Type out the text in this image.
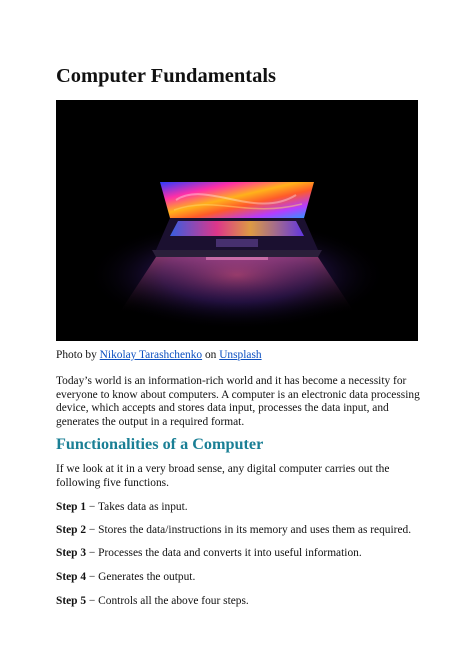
Computer Fundamentals

Photo by Nikolay Tarashchenko on Unsplash

Today’s world is an information-rich world and it has become a necessity for everyone to know about computers. A computer is an electronic data processing device, which accepts and stores data input, processes the data input, and generates the output in a required format.

Functionalities of a Computer

If we look at it in a very broad sense, any digital computer carries out the following five functions.

Step 1 − Takes data as input.

Step 2 − Stores the data/instructions in its memory and uses them as required.

Step 3 − Processes the data and converts it into useful information.

Step 4 − Generates the output.

Step 5 − Controls all the above four steps.
